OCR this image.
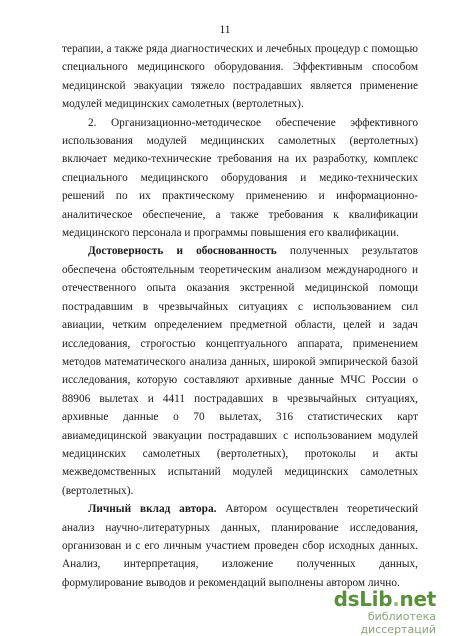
11

терапии, а также ряда диагностических и лечебных процедур с помощью специального медицинского оборудования. Эффективным способом медицинской эвакуации тяжело пострадавших является применение модулей медицинских самолетных (вертолетных).

2. Организационно-методическое обеспечение эффективного использования модулей медицинских самолетных (вертолетных) включает медико-технические требования на их разработку, комплекс специального медицинского оборудования и медико-технических решений по их практическому применению и информационно-аналитическое обеспечение, а также требования к квалификации медицинского персонала и программы повышения его квалификации.

Достоверность и обоснованность полученных результатов обеспечена обстоятельным теоретическим анализом международного и отечественного опыта оказания экстренной медицинской помощи пострадавшим в чрезвычайных ситуациях с использованием сил авиации, четким определением предметной области, целей и задач исследования, строгостью концептуального аппарата, применением методов математического анализа данных, широкой эмпирической базой исследования, которую составляют архивные данные МЧС России о 88906 вылетах и 4411 пострадавших в чрезвычайных ситуациях, архивные данные о 70 вылетах, 316 статистических карт авиамедицинской эвакуации пострадавших с использованием модулей медицинских самолетных (вертолетных), протоколы и акты межведомственных испытаний модулей медицинских самолетных (вертолетных).

Личный вклад автора. Автором осуществлен теоретический анализ научно-литературных данных, планирование исследования, организован и с его личным участием проведен сбор исходных данных. Анализ, интерпретация, изложение полученных данных, формулирование выводов и рекомендаций выполнены автором лично.

dsLib.net
библиотека диссертаций
